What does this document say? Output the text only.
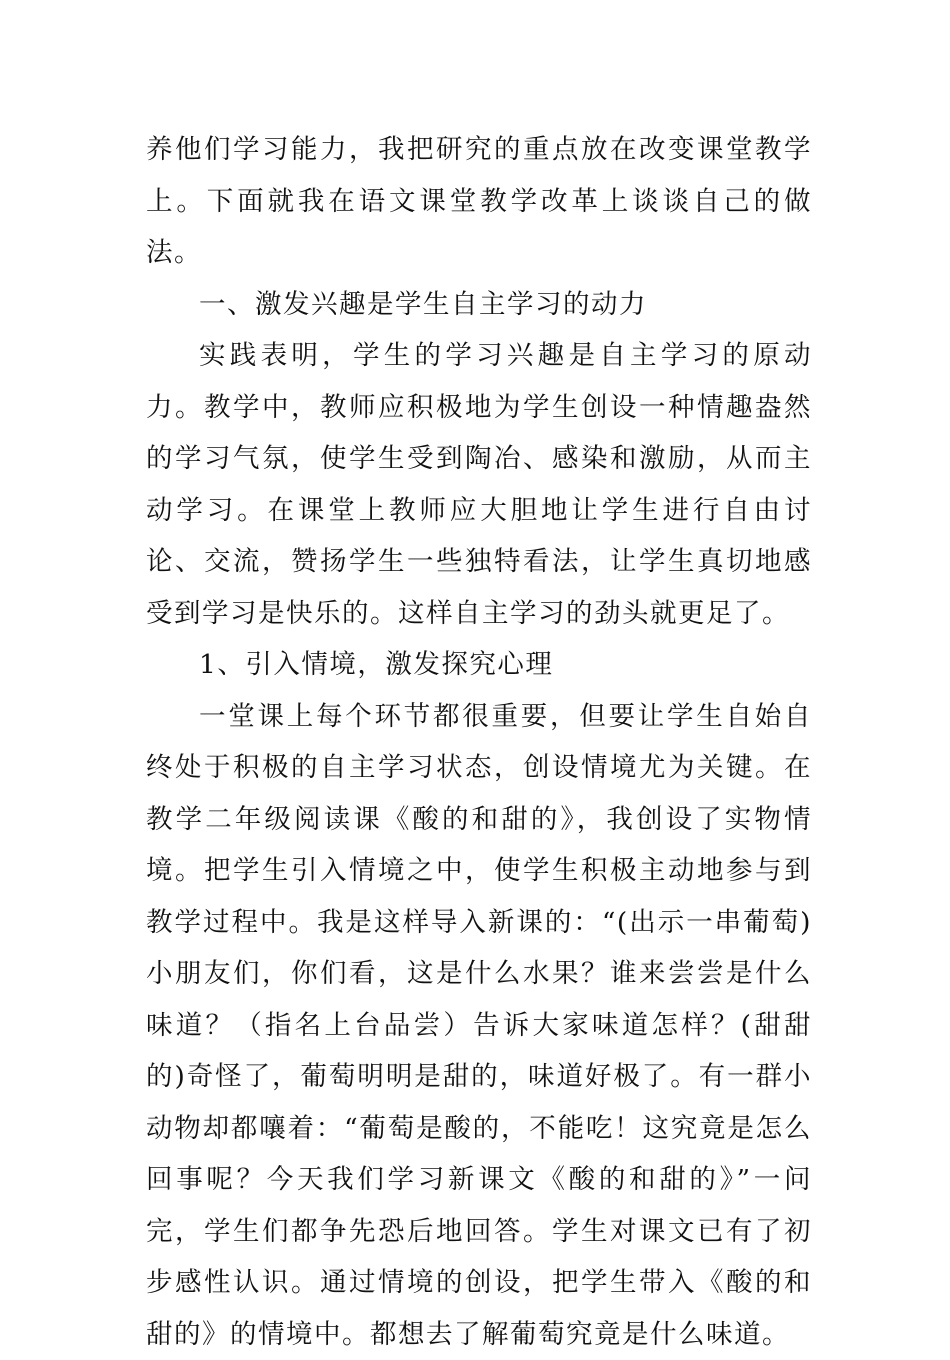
养他们学习能力，我把研究的重点放在改变课堂教学上。下面就我在语文课堂教学改革上谈谈自己的做法。

一、激发兴趣是学生自主学习的动力

实践表明，学生的学习兴趣是自主学习的原动力。教学中，教师应积极地为学生创设一种情趣盎然的学习气氛，使学生受到陶冶、感染和激励，从而主动学习。在课堂上教师应大胆地让学生进行自由讨论、交流，赞扬学生一些独特看法，让学生真切地感受到学习是快乐的。这样自主学习的劲头就更足了。

1、引入情境，激发探究心理

一堂课上每个环节都很重要，但要让学生自始自终处于积极的自主学习状态，创设情境尤为关键。在教学二年级阅读课《酸的和甜的》，我创设了实物情境。把学生引入情境之中，使学生积极主动地参与到教学过程中。我是这样导入新课的：“(出示一串葡萄)小朋友们，你们看，这是什么水果？谁来尝尝是什么味道？（指名上台品尝）告诉大家味道怎样？(甜甜的)奇怪了，葡萄明明是甜的，味道好极了。有一群小动物却都嚷着：“葡萄是酸的，不能吃！这究竟是怎么回事呢？今天我们学习新课文《酸的和甜的》”一问完，学生们都争先恐后地回答。学生对课文已有了初步感性认识。通过情境的创设，把学生带入《酸的和甜的》的情境中。都想去了解葡萄究竟是什么味道。
